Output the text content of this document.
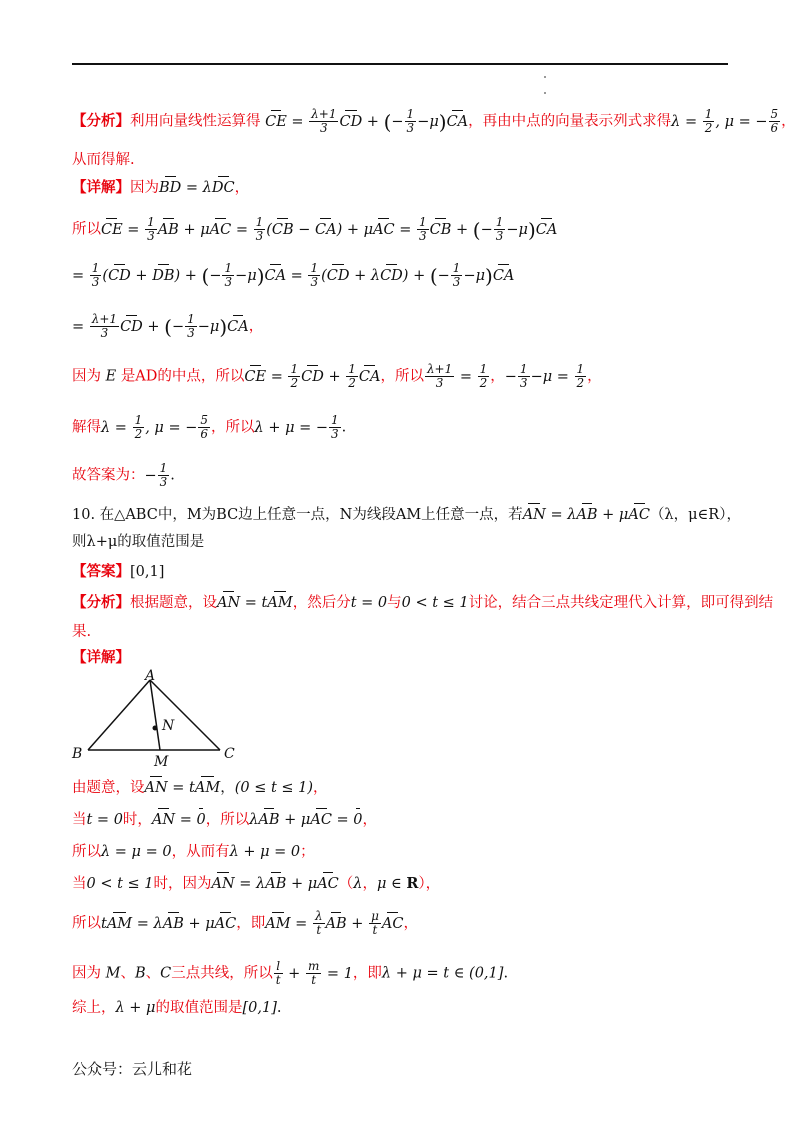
【分析】利用向量线性运算得 CE = $\frac{\lambda+1}{3}$ CD + (− $\frac{1}{3} -\mu)CA$，再由中点的向量表示列式求得$\lambda = \frac{1}{2}$ , μ = − $\frac{5}{6}$ ，
从而得解.
【详解】因为BD = λDC，
所以CE = $\frac{1}{3}$ AB + $\mu AC = \frac{1}{3} (CB - CA) + \mu AC = \frac{1}{3}$ CB + (− $\frac{1}{3} -\mu)CA$
= $\frac{1}{3} (CD + DB)$ + (− $\frac{1}{3} -\mu)CA = \frac{1}{3} (CD + \lambda CD)$ + (− $\frac{1}{3} -\mu)CA$
= $\frac{\lambda+1}{3}$ CD + (− $\frac{1}{3} -\mu)CA$，
因为 E 是AD的中点，所以CE = $\frac{1}{2}$ CD + $\frac{1}{2}$ CA，所以 $\frac{\lambda+1}{3} = \frac{1}{2}$ ，− $\frac{1}{3} -\mu = \frac{1}{2}$ ，
解得$\lambda = \frac{1}{2}$ , μ = − $\frac{5}{6}$ ，所以λ + μ = − $\frac{1}{3}$ .
故答案为：− $\frac{1}{3}$ .
10. 在△ABC中，M为BC边上任意一点，N为线段AM上任意一点，若AN = λAB + μAC（λ，μ∈R），
则λ+μ的取值范围是
【答案】[0,1]
【分析】根据题意，设AN = tAM，然后分t = 0与0 < t ≤ 1讨论，结合三点共线定理代入计算，即可得到结
果.
【详解】
A
B	C
M
N
由题意，设AN = tAM，(0 ≤ t ≤ 1)，
当t = 0时，AN = 0，所以λAB + μAC = 0，
所以λ = μ = 0，从而有λ + μ = 0；
当0 < t ≤ 1时，因为AN = λAB + μAC（λ，μ ∈ R），
所以tAM = λAB + μAC，即AM = $\frac{\lambda}{t}$ AB + $\frac{\mu}{t}$ AC，
因为 M、B、C三点共线，所以 $\frac{l}{t} + \frac{m}{t} = 1$，即λ + μ = t ∈ (0,1].
综上，λ + μ的取值范围是[0,1].
公众号：云儿和花
